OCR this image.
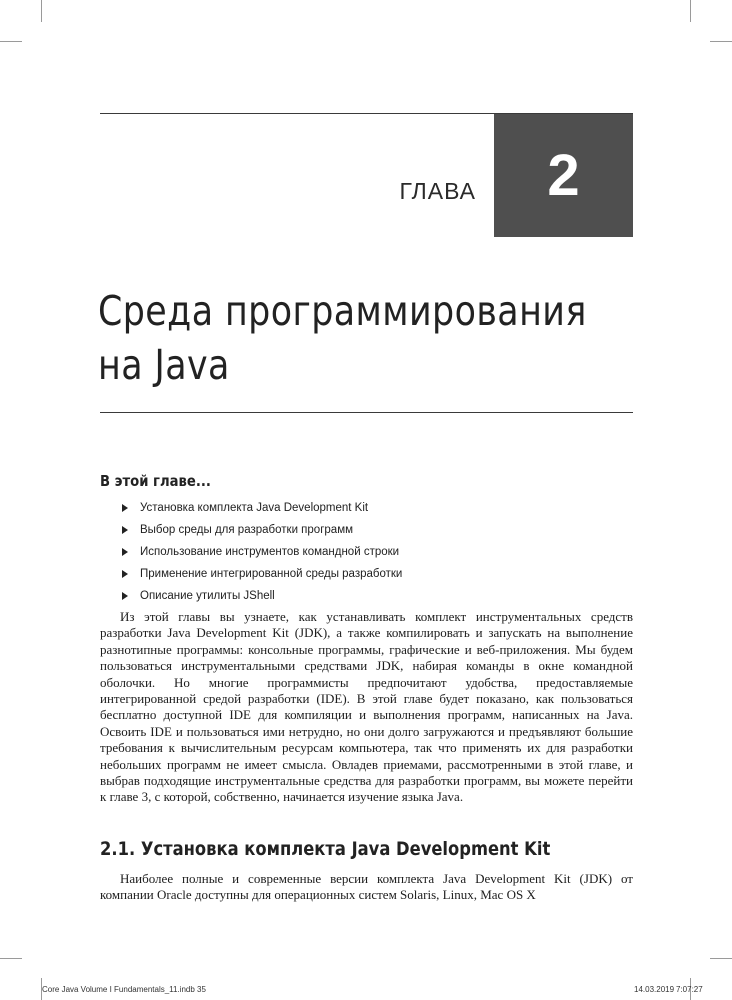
ГЛАВА 2
Среда программирования
на Java
В этой главе...
Установка комплекта Java Development Kit
Выбор среды для разработки программ
Использование инструментов командной строки
Применение интегрированной среды разработки
Описание утилиты JShell

Из этой главы вы узнаете, как устанавливать комплект инструментальных средств разработки Java Development Kit (JDK), а также компилировать и запускать на выполнение разнотипные программы: консольные программы, графические и веб-приложения. Мы будем пользоваться инструментальными средствами JDK, набирая команды в окне командной оболочки. Но многие программисты предпочитают удобства, предоставляемые интегрированной средой разработки (IDE). В этой главе будет показано, как пользоваться бесплатно доступной IDE для компиляции и выполнения программ, написанных на Java. Освоить IDE и пользоваться ими нетрудно, но они долго загружаются и предъявляют большие требования к вычислительным ресурсам компьютера, так что применять их для разработки небольших программ не имеет смысла. Овладев приемами, рассмотренными в этой главе, и выбрав подходящие инструментальные средства для разработки программ, вы можете перейти к главе 3, с которой, собственно, начинается изучение языка Java.

2.1. Установка комплекта Java Development Kit

Наиболее полные и современные версии комплекта Java Development Kit (JDK) от компании Oracle доступны для операционных систем Solaris, Linux, Mac OS X

Core Java Volume I Fundamentals_11.indb 35	14.03.2019 7:07:27
